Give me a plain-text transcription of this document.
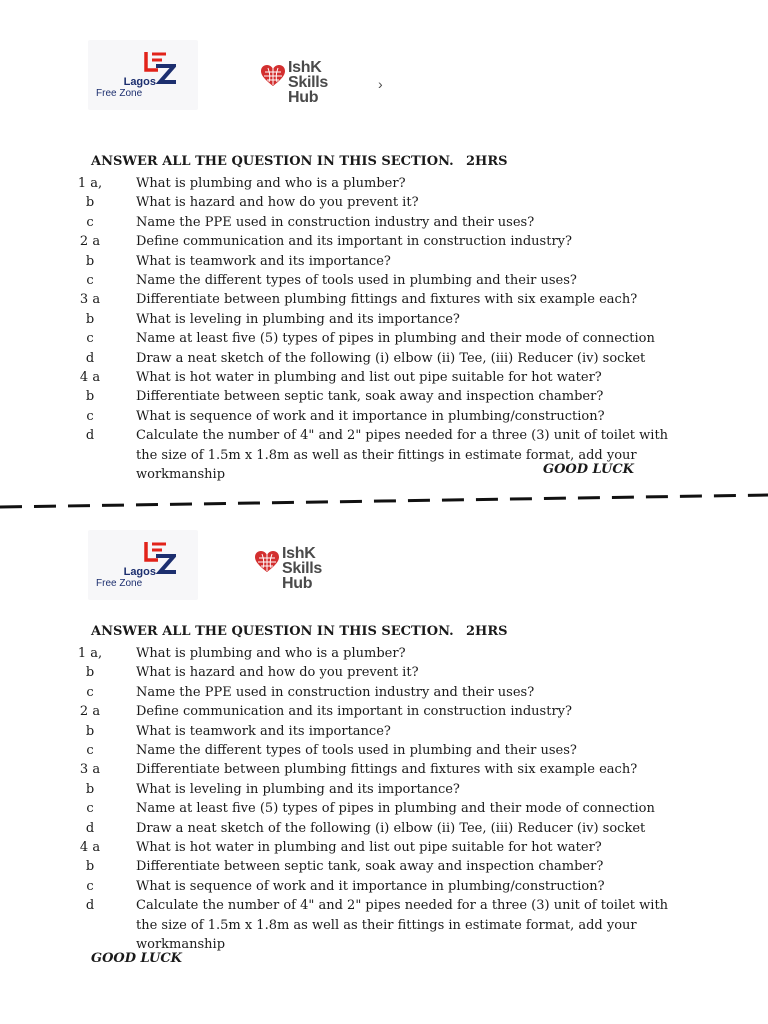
Lagos
Free Zone
IshK
Skills Hub
›
ANSWER ALL THE QUESTION IN THIS SECTION. 2HRS
1 a,	What is plumbing and who is a plumber?
b	What is hazard and how do you prevent it?
c	Name the PPE used in construction industry and their uses?
2 a	Define communication and its important in construction industry?
b	What is teamwork and its importance?
c	Name the different types of tools used in plumbing and their uses?
3 a	Differentiate between plumbing fittings and fixtures with six example each?
b	What is leveling in plumbing and its importance?
c	Name at least five (5) types of pipes in plumbing and their mode of connection
d	Draw a neat sketch of the following (i) elbow (ii) Tee, (iii) Reducer (iv) socket
4 a	What is hot water in plumbing and list out pipe suitable for hot water?
b	Differentiate between septic tank, soak away and inspection chamber?
c	What is sequence of work and it importance in plumbing/construction?
d	Calculate the number of 4" and 2" pipes needed for a three (3) unit of toilet with
the size of 1.5m x 1.8m as well as their fittings in estimate format, add your
workmanship	GOOD LUCK
Lagos
Free Zone
IshK
Skills Hub
ANSWER ALL THE QUESTION IN THIS SECTION. 2HRS
1 a,	What is plumbing and who is a plumber?
b	What is hazard and how do you prevent it?
c	Name the PPE used in construction industry and their uses?
2 a	Define communication and its important in construction industry?
b	What is teamwork and its importance?
c	Name the different types of tools used in plumbing and their uses?
3 a	Differentiate between plumbing fittings and fixtures with six example each?
b	What is leveling in plumbing and its importance?
c	Name at least five (5) types of pipes in plumbing and their mode of connection
d	Draw a neat sketch of the following (i) elbow (ii) Tee, (iii) Reducer (iv) socket
4 a	What is hot water in plumbing and list out pipe suitable for hot water?
b	Differentiate between septic tank, soak away and inspection chamber?
c	What is sequence of work and it importance in plumbing/construction?
d	Calculate the number of 4" and 2" pipes needed for a three (3) unit of toilet with
the size of 1.5m x 1.8m as well as their fittings in estimate format, add your
workmanship
GOOD LUCK
